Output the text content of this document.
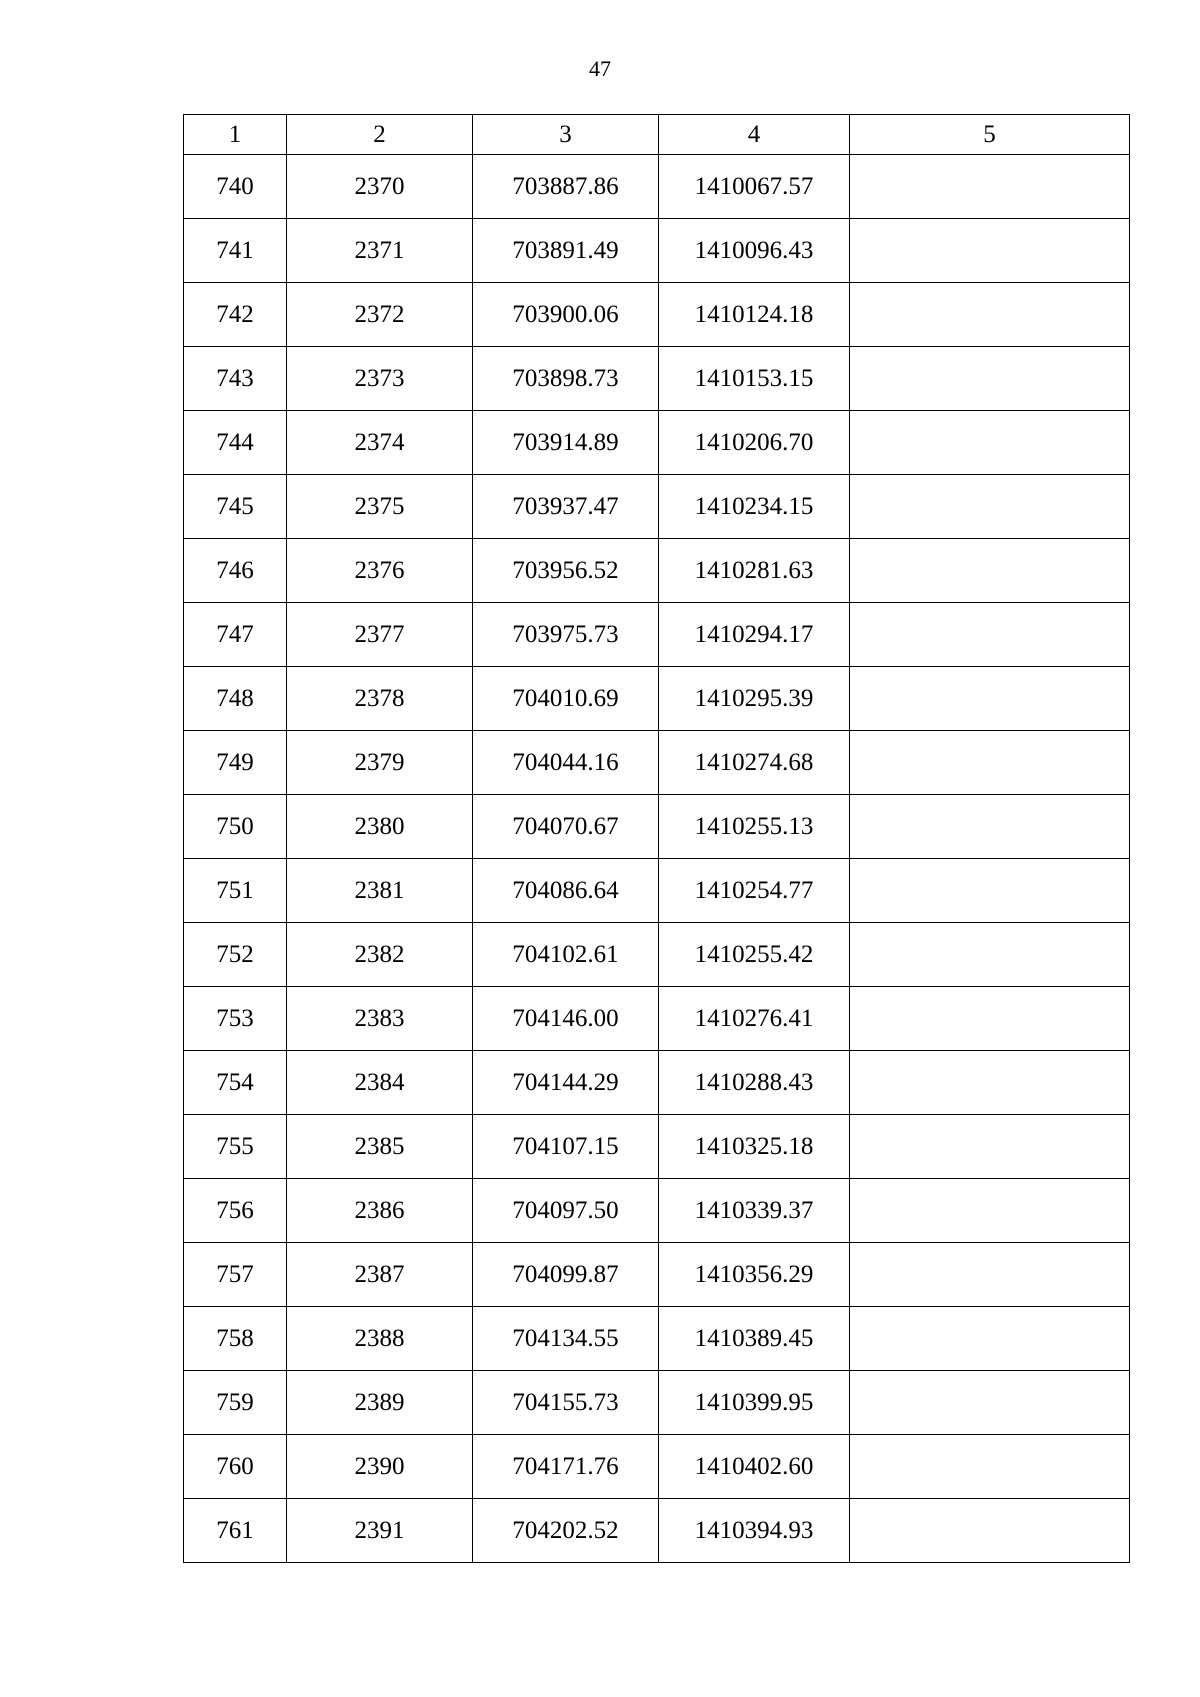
47
1	2	3	4	5
740	2370	703887.86	1410067.57	
741	2371	703891.49	1410096.43	
742	2372	703900.06	1410124.18	
743	2373	703898.73	1410153.15	
744	2374	703914.89	1410206.70	
745	2375	703937.47	1410234.15	
746	2376	703956.52	1410281.63	
747	2377	703975.73	1410294.17	
748	2378	704010.69	1410295.39	
749	2379	704044.16	1410274.68	
750	2380	704070.67	1410255.13	
751	2381	704086.64	1410254.77	
752	2382	704102.61	1410255.42	
753	2383	704146.00	1410276.41	
754	2384	704144.29	1410288.43	
755	2385	704107.15	1410325.18	
756	2386	704097.50	1410339.37	
757	2387	704099.87	1410356.29	
758	2388	704134.55	1410389.45	
759	2389	704155.73	1410399.95	
760	2390	704171.76	1410402.60	
761	2391	704202.52	1410394.93	
